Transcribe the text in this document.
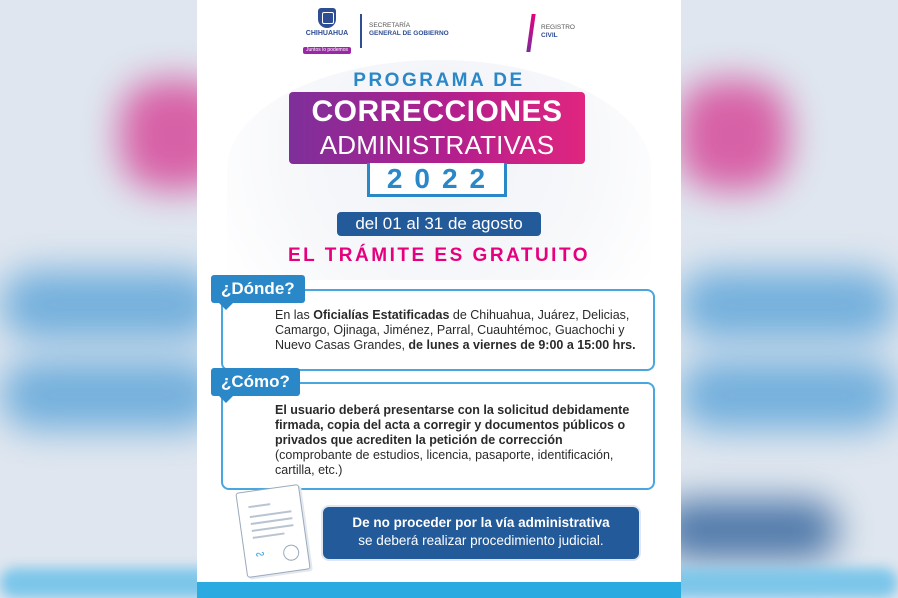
CHIHUAHUA
Juntos lo podemos
SECRETARÍA
GENERAL DE GOBIERNO
REGISTRO
CIVIL
PROGRAMA DE
CORRECCIONES
ADMINISTRATIVAS
2022
del 01 al 31 de agosto
EL TRÁMITE ES GRATUITO
¿Dónde?
En las Oficialías Estatificadas de Chihuahua, Juárez, Delicias, Camargo, Ojinaga, Jiménez, Parral, Cuauhtémoc, Guachochi y Nuevo Casas Grandes, de lunes a viernes de 9:00 a 15:00 hrs.
¿Cómo?
El usuario deberá presentarse con la solicitud debidamente firmada, copia del acta a corregir y documentos públicos o privados que acrediten la petición de corrección
(comprobante de estudios, licencia, pasaporte, identificación, cartilla, etc.)
∾
De no proceder por la vía administrativa
se deberá realizar procedimiento judicial.
